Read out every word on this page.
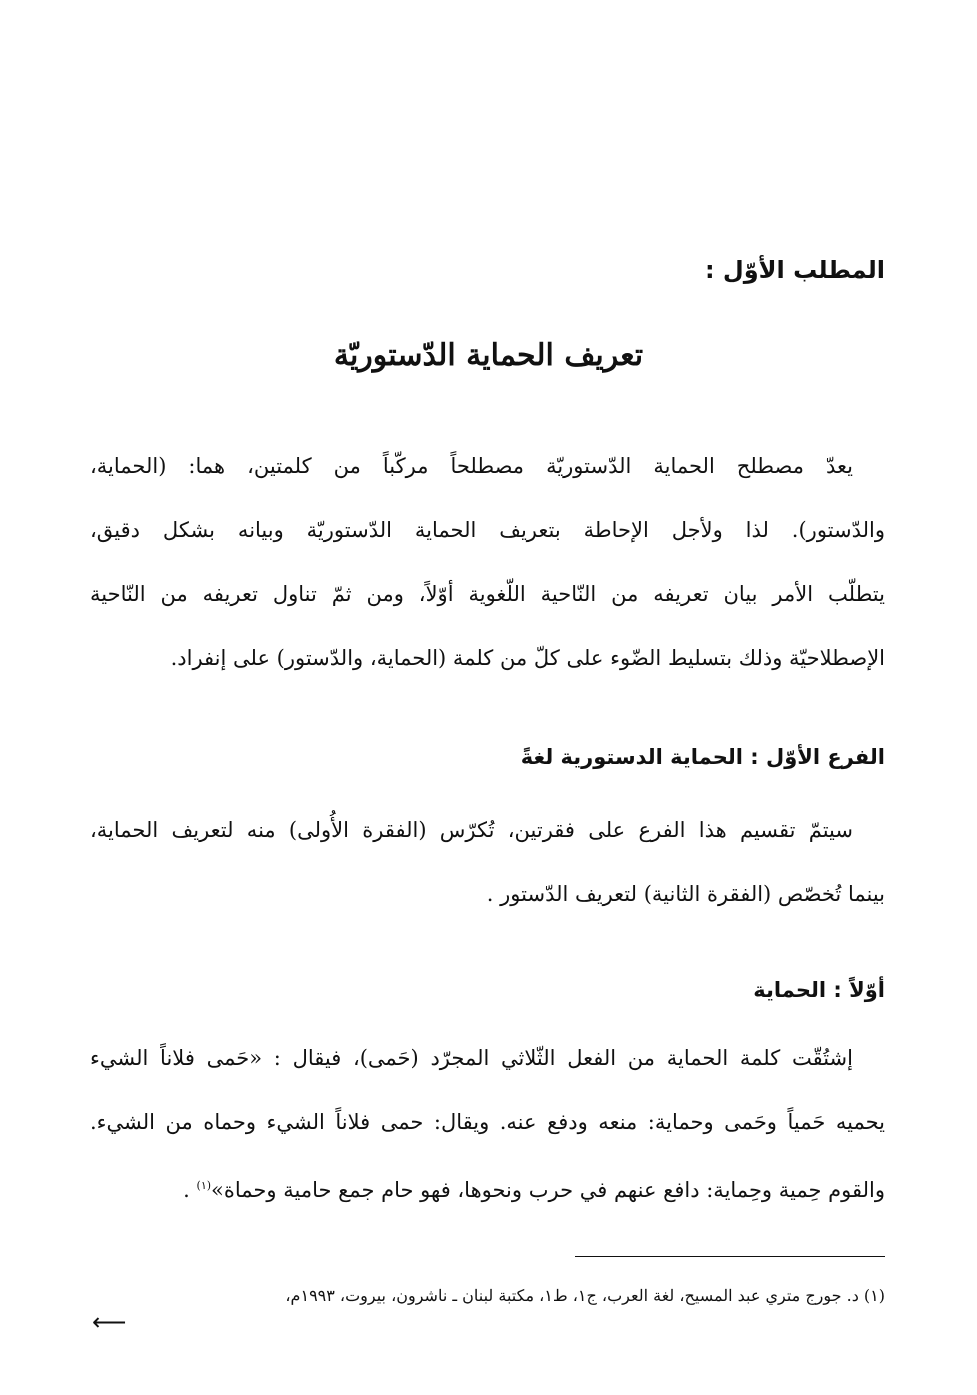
المطلب الأوّل :
تعريف الحماية الدّستوريّة
يعدّ مصطلح الحماية الدّستوريّة مصطلحاً مركّباً من كلمتين، هما: (الحماية،
والدّستور). لذا ولأجل الإحاطة بتعريف الحماية الدّستوريّة وبيانه بشكل دقيق،
يتطلّب الأمر بيان تعريفه من النّاحية اللّغوية أوّلاً، ومن ثمّ تناول تعريفه من النّاحية
الإصطلاحيّة وذلك بتسليط الضّوء على كلّ من كلمة (الحماية، والدّستور) على إنفراد.
الفرع الأوّل : الحماية الدستورية لغةً
سيتمّ تقسيم هذا الفرع على فقرتين، تُكرّس (الفقرة الأُولى) منه لتعريف الحماية،
بينما تُخصّص (الفقرة الثانية) لتعريف الدّستور .
أوّلاً : الحماية
إشتُقّت كلمة الحماية من الفعل الثّلاثي المجرّد (حَمى)، فيقال : «حَمى فلاناً الشيء
يحميه حَمياً وحَمى وحماية: منعه ودفع عنه. ويقال: حمى فلاناً الشيء وحماه من الشيء.
والقوم حِمية وحِماية: دافع عنهم في حرب ونحوها، فهو حام جمع حامية وحماة»$^{(١)}$ .
(١) د. جورج متري عبد المسيح، لغة العرب، ج١، ط١، مكتبة لبنان ـ ناشرون، بيروت، ١٩٩٣م،
⟵
